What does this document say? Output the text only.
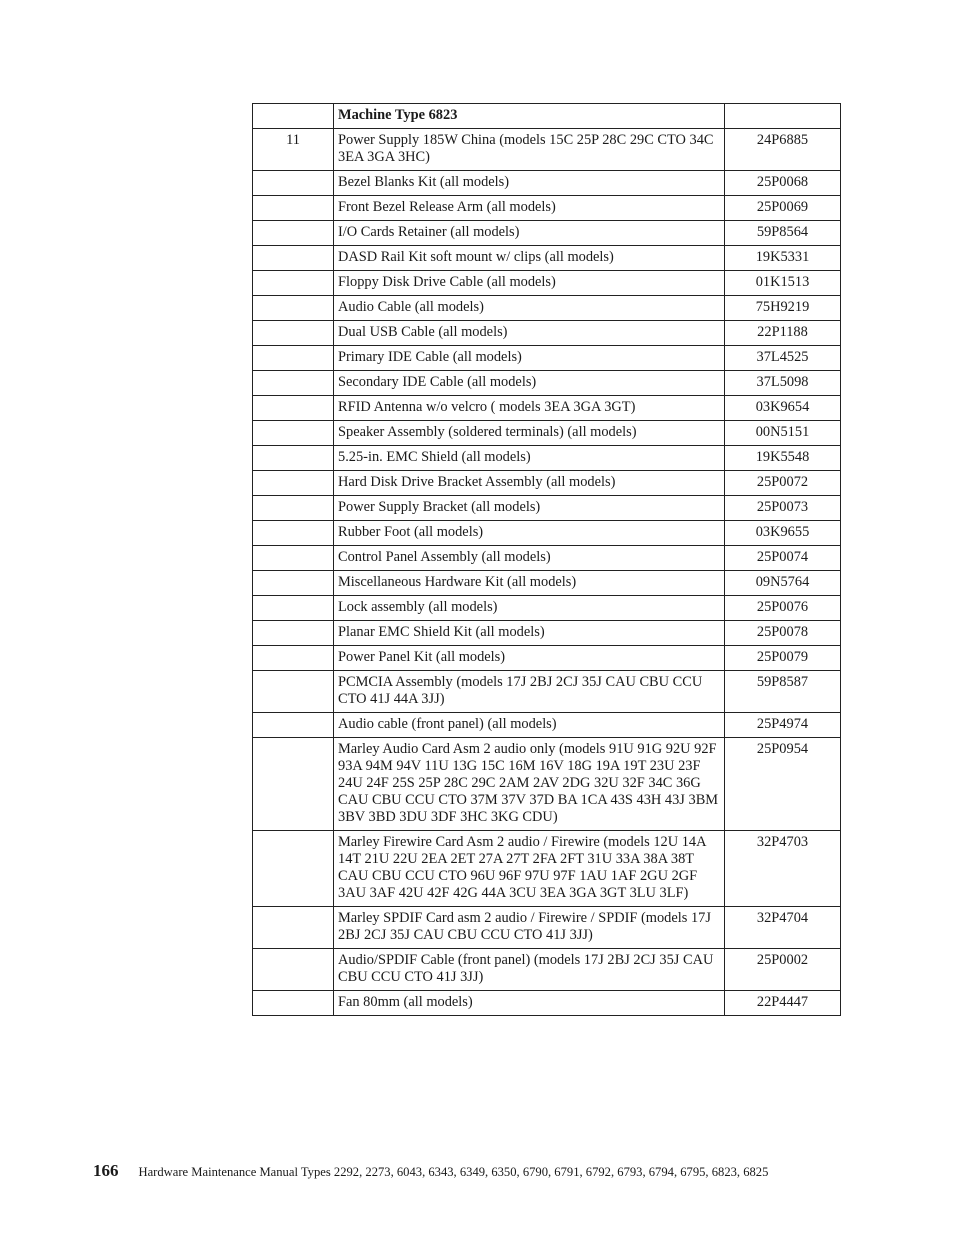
	Machine Type 6823	
11	Power Supply 185W China (models 15C 25P 28C 29C CTO 34C 3EA 3GA 3HC)	24P6885
	Bezel Blanks Kit (all models)	25P0068
	Front Bezel Release Arm (all models)	25P0069
	I/O Cards Retainer (all models)	59P8564
	DASD Rail Kit soft mount w/ clips (all models)	19K5331
	Floppy Disk Drive Cable (all models)	01K1513
	Audio Cable (all models)	75H9219
	Dual USB Cable (all models)	22P1188
	Primary IDE Cable (all models)	37L4525
	Secondary IDE Cable (all models)	37L5098
	RFID Antenna w/o velcro ( models 3EA 3GA 3GT)	03K9654
	Speaker Assembly (soldered terminals) (all models)	00N5151
	5.25-in. EMC Shield (all models)	19K5548
	Hard Disk Drive Bracket Assembly (all models)	25P0072
	Power Supply Bracket (all models)	25P0073
	Rubber Foot (all models)	03K9655
	Control Panel Assembly (all models)	25P0074
	Miscellaneous Hardware Kit (all models)	09N5764
	Lock assembly (all models)	25P0076
	Planar EMC Shield Kit (all models)	25P0078
	Power Panel Kit (all models)	25P0079
	PCMCIA Assembly (models 17J 2BJ 2CJ 35J CAU CBU CCU CTO 41J 44A 3JJ)	59P8587
	Audio cable (front panel) (all models)	25P4974
	Marley Audio Card Asm 2 audio only (models 91U 91G 92U 92F 93A 94M 94V 11U 13G 15C 16M 16V 18G 19A 19T 23U 23F 24U 24F 25S 25P 28C 29C 2AM 2AV 2DG 32U 32F 34C 36G CAU CBU CCU CTO 37M 37V 37D BA 1CA 43S 43H 43J 3BM 3BV 3BD 3DU 3DF 3HC 3KG CDU)	25P0954
	Marley Firewire Card Asm 2 audio / Firewire (models 12U 14A 14T 21U 22U 2EA 2ET 27A 27T 2FA 2FT 31U 33A 38A 38T CAU CBU CCU CTO 96U 96F 97U 97F 1AU 1AF 2GU 2GF 3AU 3AF 42U 42F 42G 44A 3CU 3EA 3GA 3GT 3LU 3LF)	32P4703
	Marley SPDIF Card asm 2 audio / Firewire / SPDIF (models 17J 2BJ 2CJ 35J CAU CBU CCU CTO 41J 3JJ)	32P4704
	Audio/SPDIF Cable (front panel) (models 17J 2BJ 2CJ 35J CAU CBU CCU CTO 41J 3JJ)	25P0002
	Fan 80mm (all models)	22P4447
166 Hardware Maintenance Manual Types 2292, 2273, 6043, 6343, 6349, 6350, 6790, 6791, 6792, 6793, 6794, 6795, 6823, 6825
